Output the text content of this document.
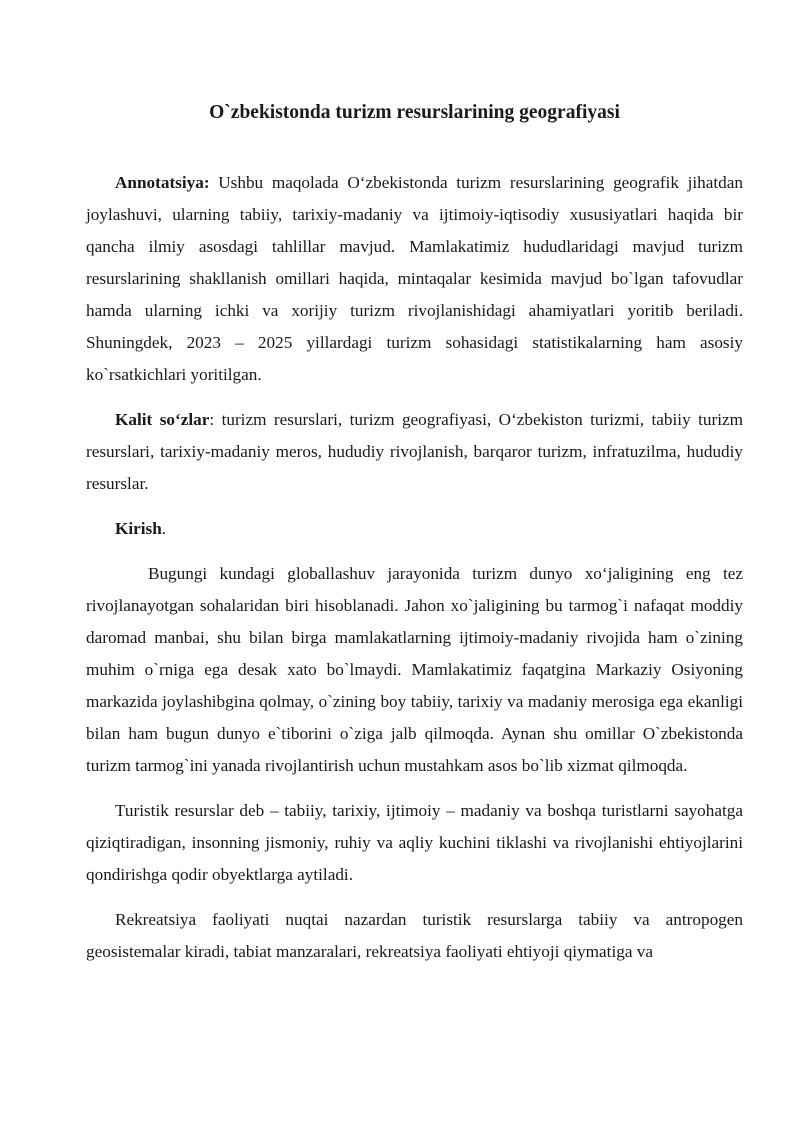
O`zbekistonda turizm resurslarining geografiyasi

Annotatsiya: Ushbu maqolada O‘zbekistonda turizm resurslarining geografik jihatdan joylashuvi, ularning tabiiy, tarixiy-madaniy va ijtimoiy-iqtisodiy xususiyatlari haqida bir qancha ilmiy asosdagi tahlillar mavjud. Mamlakatimiz hududlaridagi mavjud turizm resurslarining shakllanish omillari haqida, mintaqalar kesimida mavjud bo`lgan tafovudlar hamda ularning ichki va xorijiy turizm rivojlanishidagi ahamiyatlari yoritib beriladi. Shuningdek, 2023 – 2025 yillardagi turizm sohasidagi statistikalarning ham asosiy ko`rsatkichlari yoritilgan.

Kalit so‘zlar: turizm resurslari, turizm geografiyasi, O‘zbekiston turizmi, tabiiy turizm resurslari, tarixiy-madaniy meros, hududiy rivojlanish, barqaror turizm, infratuzilma, hududiy resurslar.

Kirish.

Bugungi kundagi globallashuv jarayonida turizm dunyo xo‘jaligining eng tez rivojlanayotgan sohalaridan biri hisoblanadi. Jahon xo`jaligining bu tarmog`i nafaqat moddiy daromad manbai, shu bilan birga mamlakatlarning ijtimoiy-madaniy rivojida ham o`zining muhim o`rniga ega desak xato bo`lmaydi. Mamlakatimiz faqatgina Markaziy Osiyoning markazida joylashibgina qolmay, o`zining boy tabiiy, tarixiy va madaniy merosiga ega ekanligi bilan ham bugun dunyo e`tiborini o`ziga jalb qilmoqda. Aynan shu omillar O`zbekistonda turizm tarmog`ini yanada rivojlantirish uchun mustahkam asos bo`lib xizmat qilmoqda.

Turistik resurslar deb – tabiiy, tarixiy, ijtimoiy – madaniy va boshqa turistlarni sayohatga qiziqtiradigan, insonning jismoniy, ruhiy va aqliy kuchini tiklashi va rivojlanishi ehtiyojlarini qondirishga qodir obyektlarga aytiladi.

Rekreatsiya faoliyati nuqtai nazardan turistik resurslarga tabiiy va antropogen geosistemalar kiradi, tabiat manzaralari, rekreatsiya faoliyati ehtiyoji qiymatiga va
